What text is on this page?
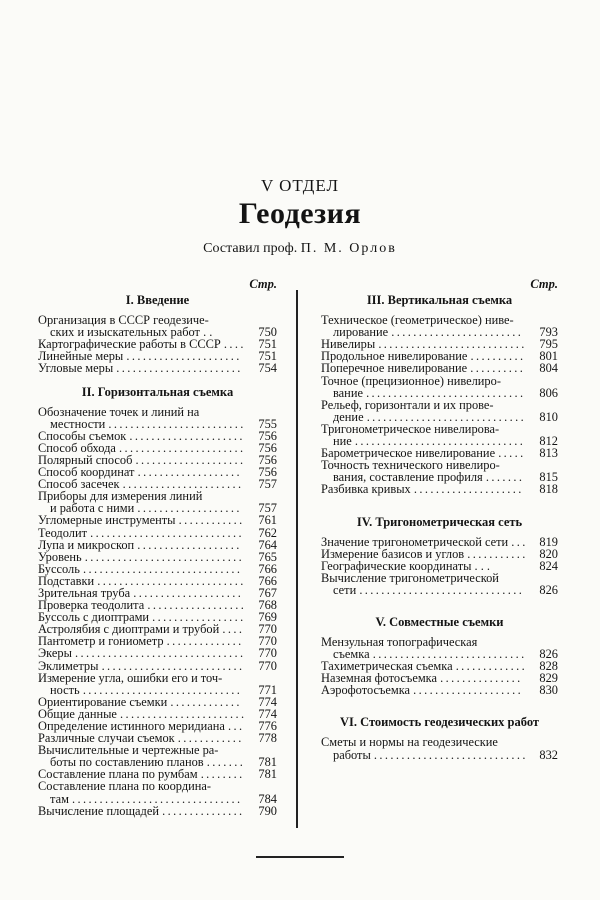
V ОТДЕЛ
Геодезия
Составил проф. П. М. Орлов
Стр.
I. Введение
Организация в СССР геодезиче-
ских и изыскательных работ . .	750
Картографические работы в СССР ....	751
Линейные меры .....................	751
Угловые меры .......................	754
II. Горизонтальная съемка
Обозначение точек и линий на
местности .........................	755
Способы съемок .....................	756
Способ обхода .......................	756
Полярный способ ....................	756
Способ координат ...................	756
Способ засечек ......................	757
Приборы для измерения линий
и работа с ними ...................	757
Угломерные инструменты ............	761
Теодолит ............................	762
Лупа и микроскоп ...................	764
Уровень .............................	765
Буссоль .............................	766
Подставки ...........................	766
Зрительная труба ....................	767
Проверка теодолита .................. 768
Буссоль с диоптрами .................	769
Астролябия с диоптрами и трубой ....	770
Пантометр и гониометр ..............	770
Экеры ...............................	770
Эклиметры ..........................	770
Измерение угла, ошибки его и точ-
ность .............................	771
Ориентирование съемки .............	774
Общие данные ....................... 774
Определение истинного меридиана ...	776
Различные случаи съемок ............	778
Вычислительные и чертежные ра-
боты по составлению планов .......	781
Составление плана по румбам ........	781
Составление плана по координа-
там ...............................	784
Вычисление площадей ...............	790
Стр.
III. Вертикальная съемка
Техническое (геометрическое) ниве-
лирование ........................	793
Нивелиры ...........................	795
Продольное нивелирование ..........	801
Поперечное нивелирование ..........	804
Точное (прецизионное) нивелиро-
вание .............................	806
Рельеф, горизонтали и их прове-
дение .............................	810
Тригонометрическое нивелирова-
ние ...............................	812
Барометрическое нивелирование .....	813
Точность технического нивелиро-
вания, составление профиля .......	815
Разбивка кривых ....................	818
IV. Тригонометрическая сеть
Значение тригонометрической сети ... 819
Измерение базисов и углов ........... 820
Географические координаты . . .	824
Вычисление тригонометрической
сети ..............................	826
V. Совместные съемки
Мензульная топографическая
съемка ............................	826
Тахиметрическая съемка ............. 828
Наземная фотосъемка ...............	829
Аэрофотосъемка ....................	830
VI. Стоимость геодезических работ
Сметы и нормы на геодезические
работы ............................ 832
